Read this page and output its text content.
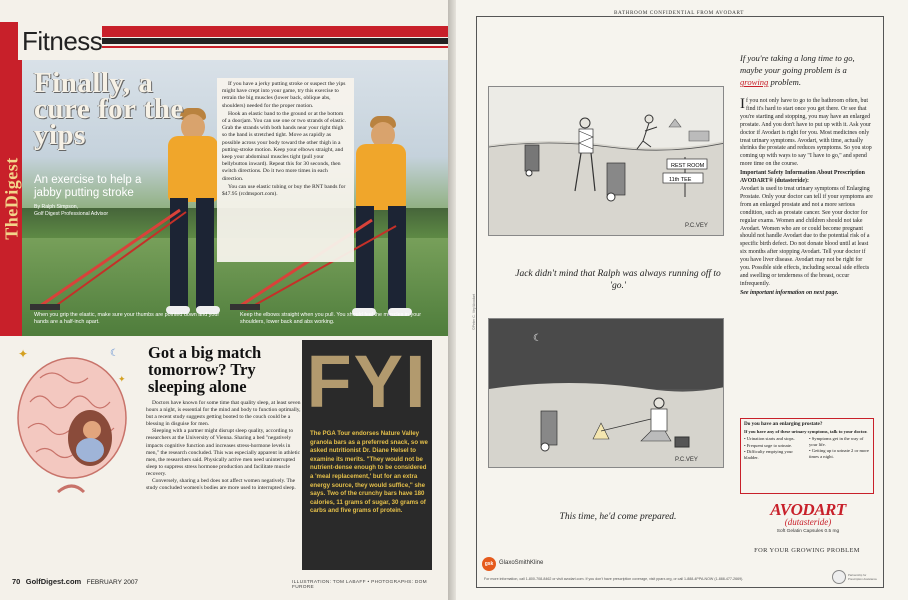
Fitness
When you grip the elastic, make sure your thumbs are pointed down and your hands are a half-inch apart.
Keep the elbows straight when you pull. You should feel the muscles in your shoulders, lower back and abs working.
TheDigest
Finally, a cure for the yips
An exercise to help a jabby putting stroke
By Ralph Simpson,
Golf Digest Professional Advisor

If you have a jerky putting stroke or suspect the yips might have crept into your game, try this exercise to retrain the big muscles (lower back, oblique abs, shoulders) needed for the proper motion.

Hook an elastic band to the ground or at the bottom of a doorjam. You can use one or two strands of elastic. Grab the strands with both hands near your right thigh so the band is stretched tight. Move as rapidly as possible across your body toward the other thigh in a putting-stroke motion. Keep your elbows straight, and keep your abdominal muscles tight (pull your bellybutton inward). Repeat this for 30 seconds, then switch directions. Do it two more times in each direction.

You can use elastic tubing or buy the RNT bands for $47.95 (rcdmsport.com).

✦	☾
✦
Got a big match tomorrow? Try sleeping alone

Doctors have known for some time that quality sleep, at least seven hours a night, is essential for the mind and body to function optimally, but a recent study suggests getting booted to the couch could be a blessing in disguise for men.

Sleeping with a partner might disrupt sleep quality, according to researchers at the University of Vienna. Sharing a bed "negatively impacts cognitive function and increases stress-hormone levels in men," the research concluded. This was especially apparent in athletic men, the researchers said. Physically active men need uninterrupted sleep to suppress stress hormone production and facilitate muscle recovery.

Conversely, sharing a bed does not affect women negatively. The study concluded women's bodies are more used to interrupted sleep.

FYI
The PGA Tour endorses Nature Valley granola bars as a preferred snack, so we asked nutritionist Dr. Diane Helsel to examine its merits. "They would not be nutrient-dense enough to be considered a 'meal replacement,' but for an extra energy source, they would suffice," she says. Two of the crunchy bars have 180 calories, 11 grams of sugar, 30 grams of carbs and five grams of protein.
70 GolfDigest.com FEBRUARY 2007	ILLUSTRATION: TOM LABAFF • PHOTOGRAPHS: DOM FURORE
BATHROOM CONFIDENTIAL FROM AVODART
REST ROOM
11th TEE
P.C.VEY
Jack didn't mind that Ralph was always running off to 'go.'
☾
P.C.VEY
This time, he'd come prepared.
©Peter C. Vey/Avodart
If you're taking a long time to go, maybe your going problem is a growing problem.
If you not only have to go to the bathroom often, but find it's hard to start once you get there. Or see that you're starting and stopping, you may have an enlarged prostate. And you don't have to put up with it. Ask your doctor if Avodart is right for you. Most medicines only treat urinary symptoms. Avodart, with time, actually shrinks the prostate and reduces symptoms. So you stop coming up with ways to say "I have to go," and spend more time on the course.
Important Safety Information About Prescription AVODART® (dutasteride):
Avodart is used to treat urinary symptoms of Enlarging Prostate. Only your doctor can tell if your symptoms are from an enlarged prostate and not a more serious condition, such as prostate cancer. See your doctor for regular exams. Women and children should not take Avodart. Women who are or could become pregnant should not handle Avodart due to the potential risk of a specific birth defect. Do not donate blood until at least six months after stopping Avodart. Tell your doctor if you have liver disease. Avodart may not be right for you. Possible side effects, including sexual side effects and swelling or tenderness of the breast, occur infrequently.
See important information on next page.
Do you have an enlarging prostate?
If you have any of these urinary symptoms, talk to your doctor.
• Urination starts and stops.
• Frequent urge to urinate.
• Difficulty emptying your bladder.
• Symptoms get in the way of your life.
• Getting up to urinate 2 or more times a night.
AVODART
(dutasteride)
Soft Gelatin Capsules 0.5 mg
FOR YOUR GROWING PROBLEM
gsk GlaxoSmithKline
For more information, call 1-800-708-8462 or visit avodart.com. If you don't have prescription coverage, visit pparx.org, or call 1-888-4PPA-NOW (1-888-477-2669).
Partnership for Prescription Assistance
